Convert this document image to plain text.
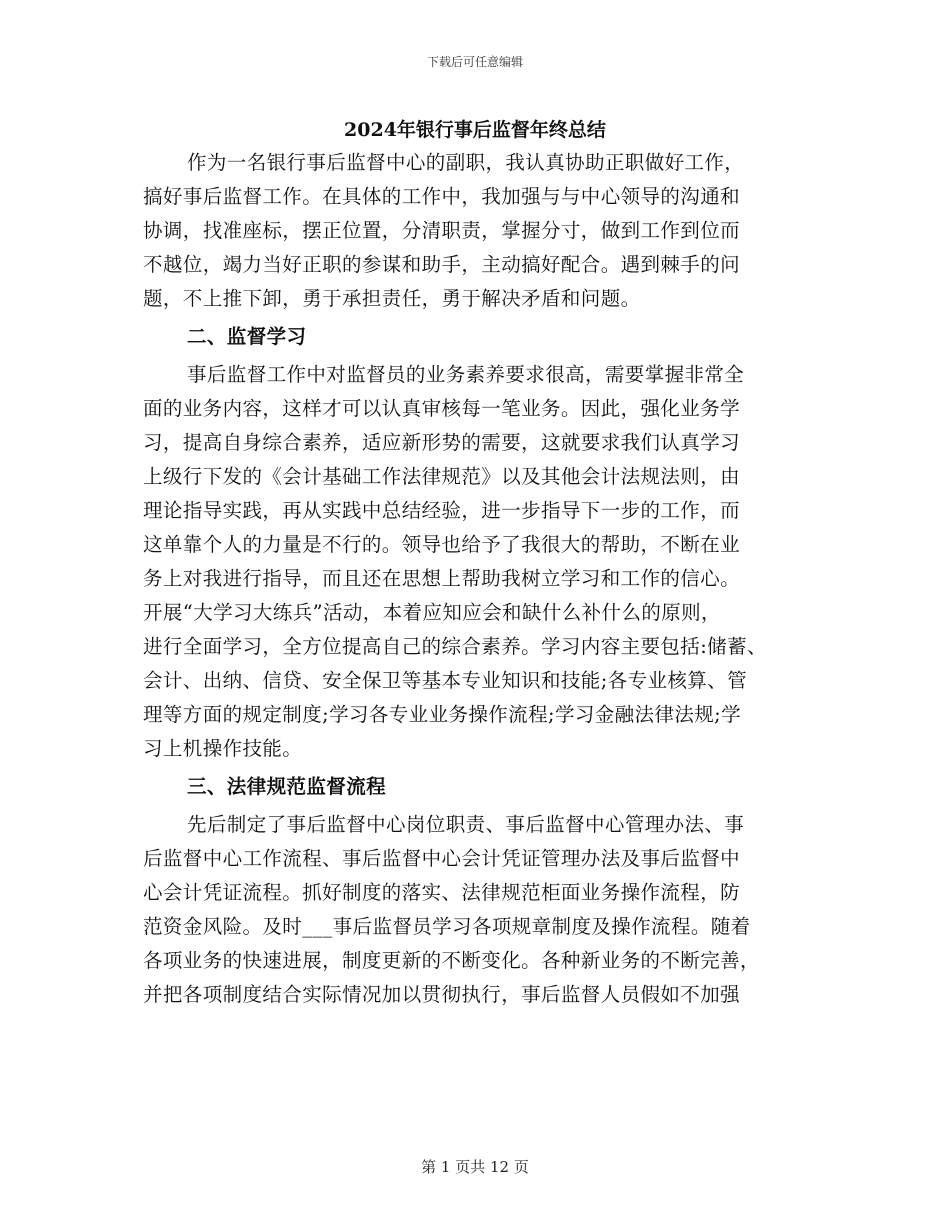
下载后可任意编辑
2024年银行事后监督年终总结
作为一名银行事后监督中心的副职，我认真协助正职做好工作，
搞好事后监督工作。在具体的工作中，我加强与与中心领导的沟通和
协调，找准座标，摆正位置，分清职责，掌握分寸，做到工作到位而
不越位，竭力当好正职的参谋和助手，主动搞好配合。遇到棘手的问
题，不上推下卸，勇于承担责任，勇于解决矛盾和问题。
二、监督学习
事后监督工作中对监督员的业务素养要求很高，需要掌握非常全
面的业务内容，这样才可以认真审核每一笔业务。因此，强化业务学
习，提高自身综合素养，适应新形势的需要，这就要求我们认真学习
上级行下发的《会计基础工作法律规范》以及其他会计法规法则，由
理论指导实践，再从实践中总结经验，进一步指导下一步的工作，而
这单靠个人的力量是不行的。领导也给予了我很大的帮助，不断在业
务上对我进行指导，而且还在思想上帮助我树立学习和工作的信心。
开展“大学习大练兵”活动，本着应知应会和缺什么补什么的原则，
进行全面学习，全方位提高自己的综合素养。学习内容主要包括:储蓄、
会计、出纳、信贷、安全保卫等基本专业知识和技能;各专业核算、管
理等方面的规定制度;学习各专业业务操作流程;学习金融法律法规;学
习上机操作技能。
三、法律规范监督流程
先后制定了事后监督中心岗位职责、事后监督中心管理办法、事
后监督中心工作流程、事后监督中心会计凭证管理办法及事后监督中
心会计凭证流程。抓好制度的落实、法律规范柜面业务操作流程，防
范资金风险。及时___事后监督员学习各项规章制度及操作流程。随着
各项业务的快速进展，制度更新的不断变化。各种新业务的不断完善，
并把各项制度结合实际情况加以贯彻执行，事后监督人员假如不加强
第 1 页共 12 页
